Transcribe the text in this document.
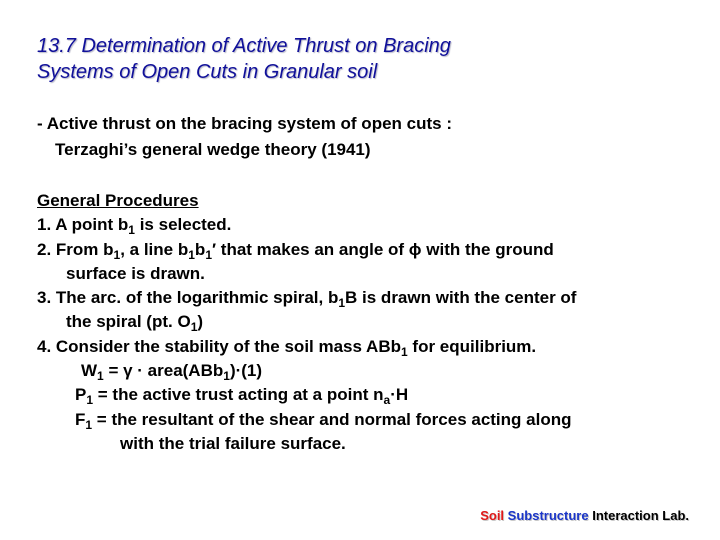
13.7 Determination of Active Thrust on Bracing
Systems of Open Cuts in Granular soil
- Active thrust on the bracing system of open cuts :
Terzaghi’s general wedge theory (1941)
General Procedures
1. A point $b_1$ is selected.
2. From $b_1$, a line $b_1b_1'$ that makes an angle of ϕ with the ground
surface is drawn.
3. The arc. of the logarithmic spiral, $b_1B$ is drawn with the center of
the spiral (pt. $O_1$)
4. Consider the stability of the soil mass ABb$_1$ for equilibrium.
$W_1 = \gamma$ · area(ABb$_1$)·(1)
$P_1$ = the active trust acting at a point $n_a\cdot H$
$F_1$ = the resultant of the shear and normal forces acting along
with the trial failure surface.
Soil Substructure Interaction Lab.
